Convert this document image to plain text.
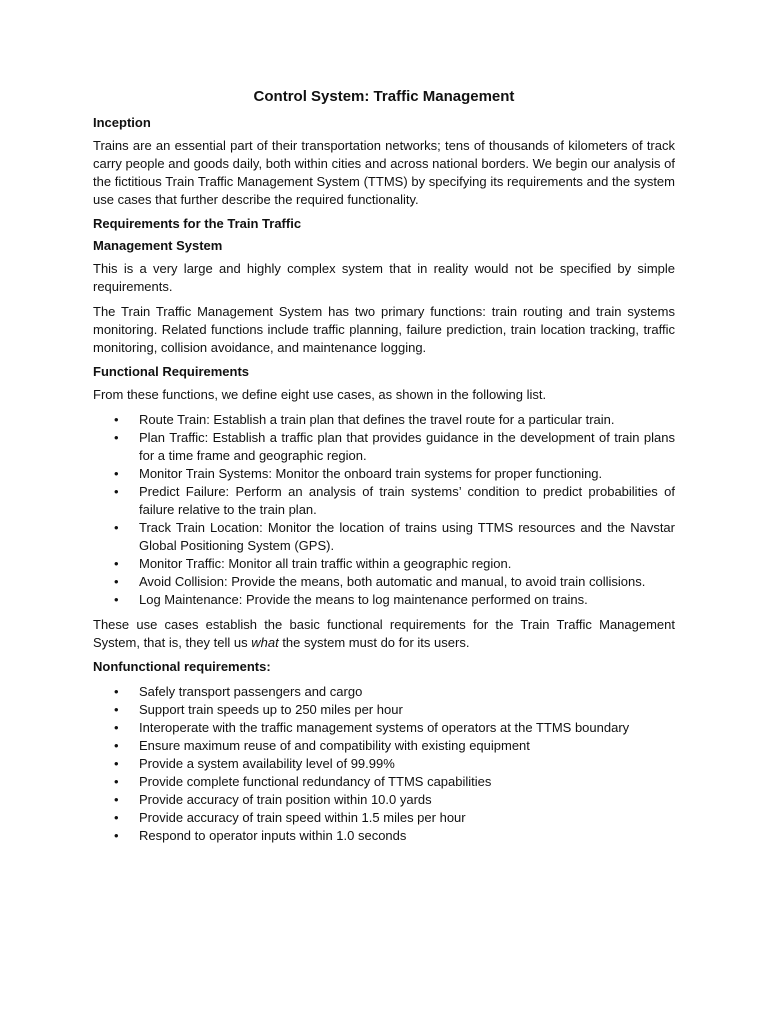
Control System: Traffic Management
Inception

Trains are an essential part of their transportation networks; tens of thousands of kilometers of track carry people and goods daily, both within cities and across national borders. We begin our analysis of the fictitious Train Traffic Management System (TTMS) by specifying its requirements and the system use cases that further describe the required functionality.

Requirements for the Train Traffic
Management System

This is a very large and highly complex system that in reality would not be specified by simple requirements.

The Train Traffic Management System has two primary functions: train routing and train systems monitoring. Related functions include traffic planning, failure prediction, train location tracking, traffic monitoring, collision avoidance, and maintenance logging.

Functional Requirements

From these functions, we define eight use cases, as shown in the following list.

• Route Train: Establish a train plan that defines the travel route for a particular train.
• Plan Traffic: Establish a traffic plan that provides guidance in the development of train plans for a time frame and geographic region.
• Monitor Train Systems: Monitor the onboard train systems for proper functioning.
• Predict Failure: Perform an analysis of train systems’ condition to predict probabilities of failure relative to the train plan.
• Track Train Location: Monitor the location of trains using TTMS resources and the Navstar Global Positioning System (GPS).
• Monitor Traffic: Monitor all train traffic within a geographic region.
• Avoid Collision: Provide the means, both automatic and manual, to avoid train collisions.
• Log Maintenance: Provide the means to log maintenance performed on trains.

These use cases establish the basic functional requirements for the Train Traffic Management System, that is, they tell us what the system must do for its users.

Nonfunctional requirements:
• Safely transport passengers and cargo
• Support train speeds up to 250 miles per hour
• Interoperate with the traffic management systems of operators at the TTMS boundary
• Ensure maximum reuse of and compatibility with existing equipment
• Provide a system availability level of 99.99%
• Provide complete functional redundancy of TTMS capabilities
• Provide accuracy of train position within 10.0 yards
• Provide accuracy of train speed within 1.5 miles per hour
• Respond to operator inputs within 1.0 seconds
